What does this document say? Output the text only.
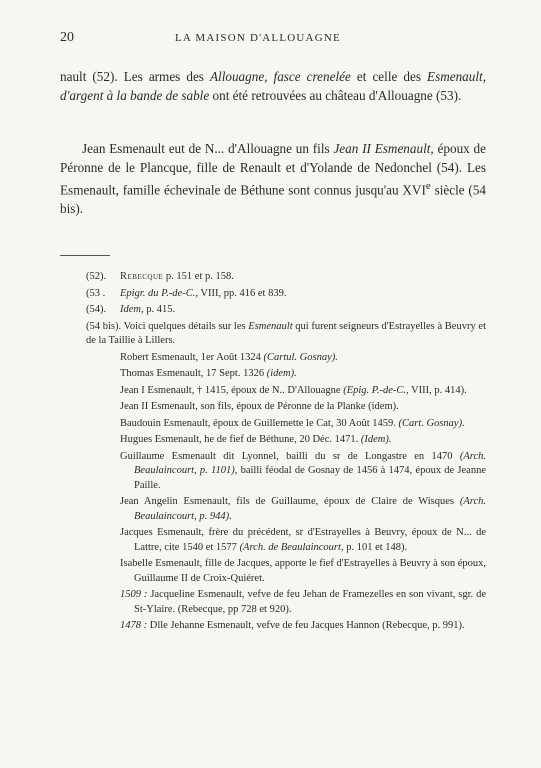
20	LA MAISON D'ALLOUAGNE

nault (52). Les armes des Allouagne, fasce crenelée et celle des Esmenault, d'argent à la bande de sable ont été retrouvées au château d'Allouagne (53).

Jean Esmenault eut de N... d'Allouagne un fils Jean II Esmenault, époux de Péronne de le Plancque, fille de Renault et d'Yolande de Nedonchel (54). Les Esmenault, famille échevinale de Béthune sont connus jusqu'au XVIe siècle (54 bis).

(52). Rebecque p. 151 et p. 158.

(53 . Epigr. du P.-de-C., VIII, pp. 416 et 839.

(54). Idem, p. 415.

(54 bis). Voici quelques détails sur les Esmenault qui furent seigneurs d'Estrayelles à Beuvry et de la Taillie à Lillers.

Robert Esmenault, 1er Août 1324 (Cartul. Gosnay).

Thomas Esmenault, 17 Sept. 1326 (idem).

Jean I Esmenault, † 1415, époux de N.. D'Allouagne (Epig. P.-de-C., VIII, p. 414).

Jean II Esmenault, son fils, époux de Péronne de la Planke (idem).

Baudouin Esmenault, époux de Guillemette le Cat, 30 Août 1459. (Cart. Gosnay).

Hugues Esmenault, he de fief de Béthune, 20 Déc. 1471. (Idem).

Guillaume Esmenault dit Lyonnel, bailli du sr de Longastre en 1470 (Arch. Beaulaincourt, p. 1101), bailli féodal de Gosnay de 1456 à 1474, époux de Jeanne Paille.

Jean Angelin Esmenault, fils de Guillaume, époux de Claire de Wisques (Arch. Beaulaincourt, p. 944).

Jacques Esmenault, frère du précédent, sr d'Estrayelles à Beuvry, époux de N... de Lattre, cite 1540 et 1577 (Arch. de Beaulaincourt, p. 101 et 148).

Isabelle Esmenault, fille de Jacques, apporte le fief d'Estrayelles à Beuvry à son époux, Guillaume II de Croix-Quiéret.

1509 : Jacqueline Esmenault, vefve de feu Jehan de Framezelles en son vivant, sgr. de St-Ylaire. (Rebecque, pp 728 et 920).

1478 : Dlle Jehanne Esmenault, vefve de feu Jacques Hannon (Rebecque, p. 991).
